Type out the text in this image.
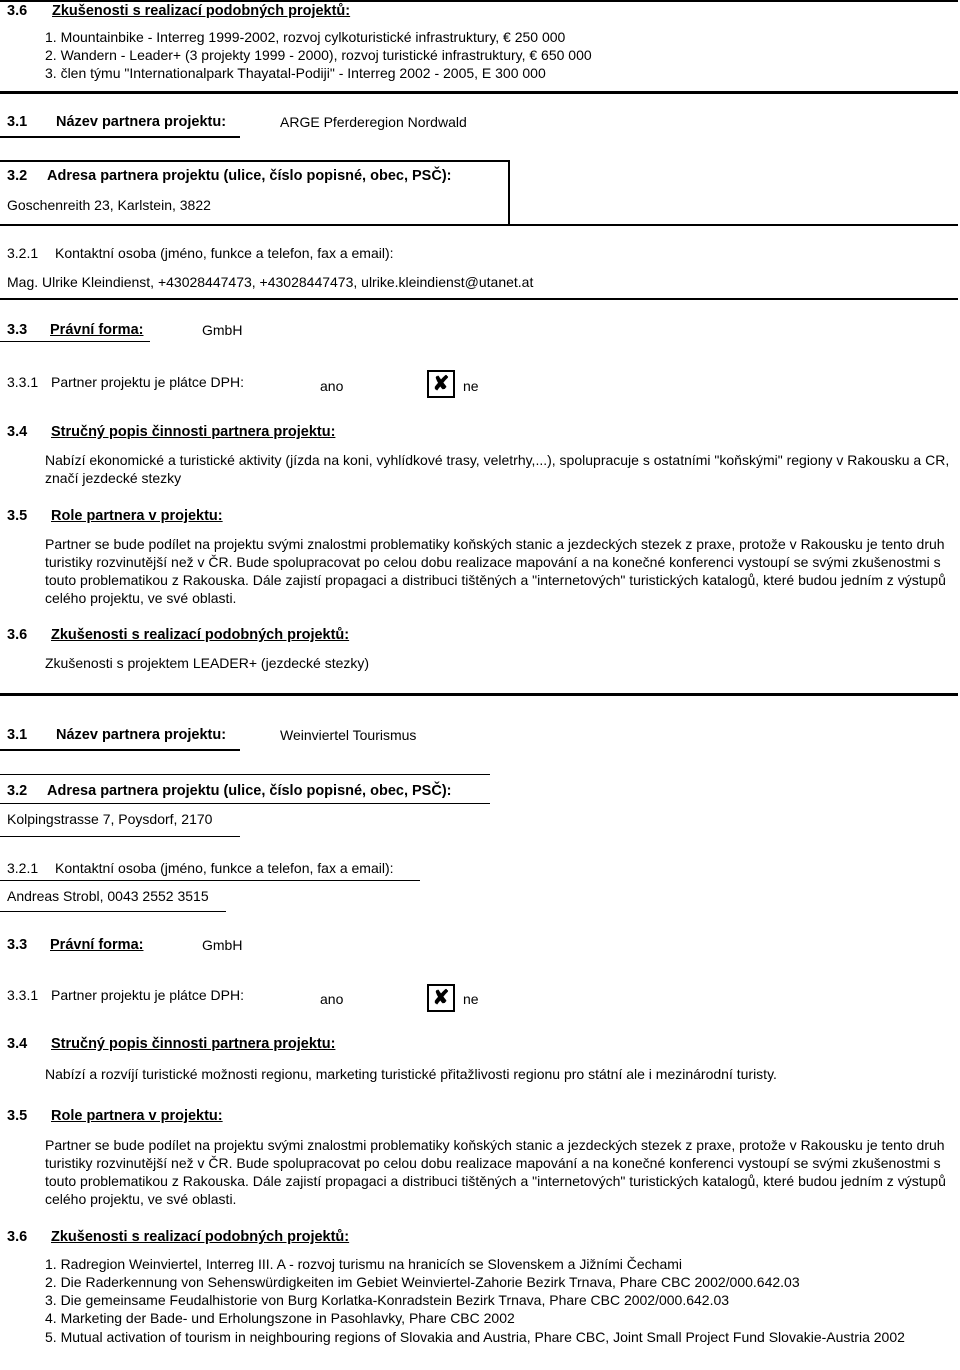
3.6 Zkušenosti s realizací podobných projektů:
1. Mountainbike - Interreg 1999-2002, rozvoj cylkoturistické infrastruktury, € 250 000
2. Wandern - Leader+ (3 projekty 1999 - 2000), rozvoj turistické infrastruktury, € 650 000
3. člen týmu "Internationalpark Thayatal-Podiji" - Interreg 2002 - 2005, E 300 000
3.1 Název partnera projektu:	ARGE Pferderegion Nordwald
3.2 Adresa partnera projektu (ulice, číslo popisné, obec, PSČ):
Goschenreith 23, Karlstein, 3822
3.2.1 Kontaktní osoba (jméno, funkce a telefon, fax a email):
Mag. Ulrike Kleindienst, +43028447473, +43028447473, ulrike.kleindienst@utanet.at
3.3 Právní forma:	GmbH
3.3.1 Partner projektu je plátce DPH:	ano	✘ ne
3.4 Stručný popis činnosti partnera projektu:
Nabízí ekonomické a turistické aktivity (jízda na koni, vyhlídkové trasy, veletrhy,...), spolupracuje s ostatními "koňskými" regiony v Rakousku a CR, značí jezdecké stezky
3.5 Role partnera v projektu:
Partner se bude podílet na projektu svými znalostmi problematiky koňských stanic a jezdeckých stezek z praxe, protože v Rakousku je tento druh turistiky rozvinutější než v ČR. Bude spolupracovat po celou dobu realizace mapování a na konečné konferenci vystoupí se svými zkušenostmi s touto problematikou z Rakouska. Dále zajistí propagaci a distribuci tištěných a "internetových" turistických katalogů, které budou jedním z výstupů celého projektu, ve své oblasti.
3.6 Zkušenosti s realizací podobných projektů:
Zkušenosti s projektem LEADER+ (jezdecké stezky)
3.1 Název partnera projektu:	Weinviertel Tourismus
3.2 Adresa partnera projektu (ulice, číslo popisné, obec, PSČ):
Kolpingstrasse 7, Poysdorf, 2170
3.2.1 Kontaktní osoba (jméno, funkce a telefon, fax a email):
Andreas Strobl, 0043 2552 3515
3.3 Právní forma:	GmbH
3.3.1 Partner projektu je plátce DPH:	ano	✘ ne
3.4 Stručný popis činnosti partnera projektu:
Nabízí a rozvíjí turistické možnosti regionu, marketing turistické přitažlivosti regionu pro státní ale i mezinárodní turisty.
3.5 Role partnera v projektu:
Partner se bude podílet na projektu svými znalostmi problematiky koňských stanic a jezdeckých stezek z praxe, protože v Rakousku je tento druh turistiky rozvinutější než v ČR. Bude spolupracovat po celou dobu realizace mapování a na konečné konferenci vystoupí se svými zkušenostmi s touto problematikou z Rakouska. Dále zajistí propagaci a distribuci tištěných a "internetových" turistických katalogů, které budou jedním z výstupů celého projektu, ve své oblasti.
3.6 Zkušenosti s realizací podobných projektů:
1. Radregion Weinviertel, Interreg III. A - rozvoj turismu na hranicích se Slovenskem a Jižními Čechami
2. Die Raderkennung von Sehenswürdigkeiten im Gebiet Weinviertel-Zahorie Bezirk Trnava, Phare CBC 2002/000.642.03
3. Die gemeinsame Feudalhistorie von Burg Korlatka-Konradstein Bezirk Trnava, Phare CBC 2002/000.642.03
4. Marketing der Bade- und Erholungszone in Pasohlavky, Phare CBC 2002
5. Mutual activation of tourism in neighbouring regions of Slovakia and Austria, Phare CBC, Joint Small Project Fund Slovakie-Austria 2002
